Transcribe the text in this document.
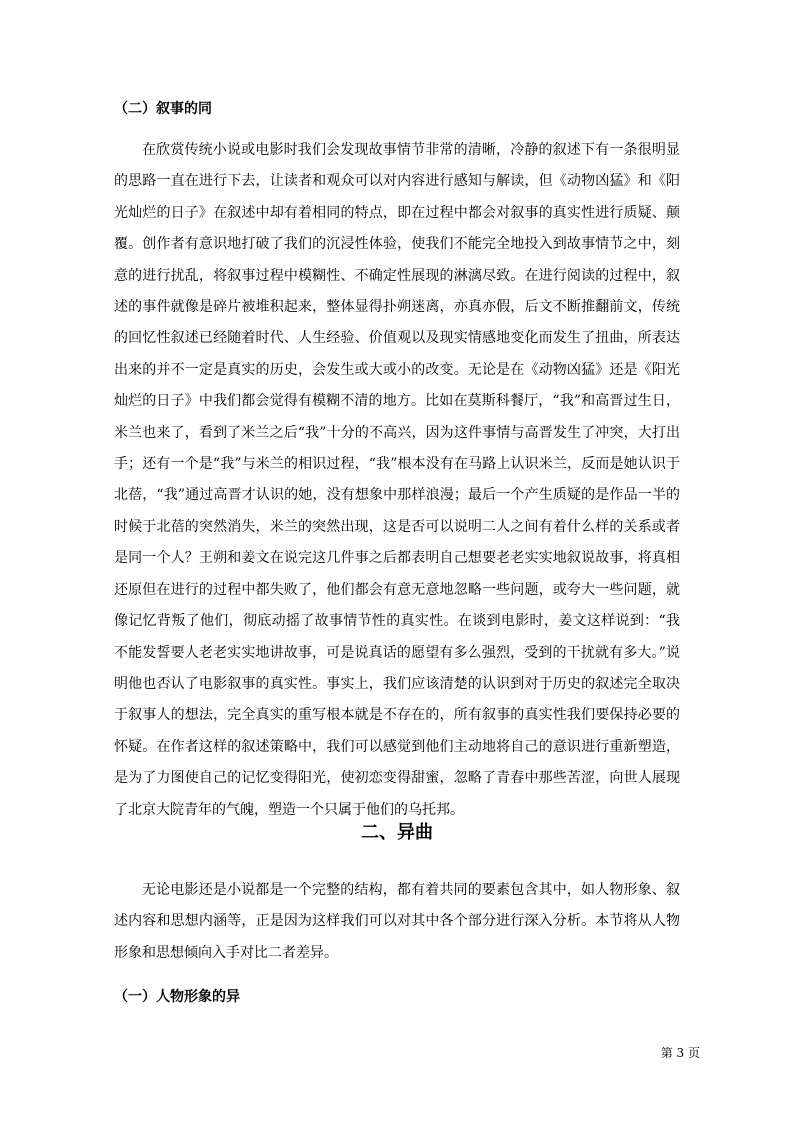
（二）叙事的同

在欣赏传统小说或电影时我们会发现故事情节非常的清晰，冷静的叙述下有一条很明显的思路一直在进行下去，让读者和观众可以对内容进行感知与解读，但《动物凶猛》和《阳光灿烂的日子》在叙述中却有着相同的特点，即在过程中都会对叙事的真实性进行质疑、颠覆。创作者有意识地打破了我们的沉浸性体验，使我们不能完全地投入到故事情节之中，刻意的进行扰乱，将叙事过程中模糊性、不确定性展现的淋漓尽致。在进行阅读的过程中，叙述的事件就像是碎片被堆积起来，整体显得扑朔迷离，亦真亦假，后文不断推翻前文，传统的回忆性叙述已经随着时代、人生经验、价值观以及现实情感地变化而发生了扭曲，所表达出来的并不一定是真实的历史，会发生或大或小的改变。无论是在《动物凶猛》还是《阳光灿烂的日子》中我们都会觉得有模糊不清的地方。比如在莫斯科餐厅，“我”和高晋过生日，米兰也来了，看到了米兰之后“我”十分的不高兴，因为这件事情与高晋发生了冲突，大打出手；还有一个是“我”与米兰的相识过程，“我”根本没有在马路上认识米兰，反而是她认识于北蓓，“我”通过高晋才认识的她，没有想象中那样浪漫；最后一个产生质疑的是作品一半的时候于北蓓的突然消失，米兰的突然出现，这是否可以说明二人之间有着什么样的关系或者是同一个人？王朔和姜文在说完这几件事之后都表明自己想要老老实实地叙说故事，将真相还原但在进行的过程中都失败了，他们都会有意无意地忽略一些问题，或夸大一些问题，就像记忆背叛了他们，彻底动摇了故事情节性的真实性。在谈到电影时，姜文这样说到：“我不能发誓要人老老实实地讲故事，可是说真话的愿望有多么强烈，受到的干扰就有多大。”说明他也否认了电影叙事的真实性。事实上，我们应该清楚的认识到对于历史的叙述完全取决于叙事人的想法，完全真实的重写根本就是不存在的，所有叙事的真实性我们要保持必要的怀疑。在作者这样的叙述策略中，我们可以感觉到他们主动地将自己的意识进行重新塑造，是为了力图使自己的记忆变得阳光，使初恋变得甜蜜，忽略了青春中那些苦涩，向世人展现了北京大院青年的气魄，塑造一个只属于他们的乌托邦。

二、异曲

无论电影还是小说都是一个完整的结构，都有着共同的要素包含其中，如人物形象、叙述内容和思想内涵等，正是因为这样我们可以对其中各个部分进行深入分析。本节将从人物形象和思想倾向入手对比二者差异。

（一）人物形象的异
第 3 页
